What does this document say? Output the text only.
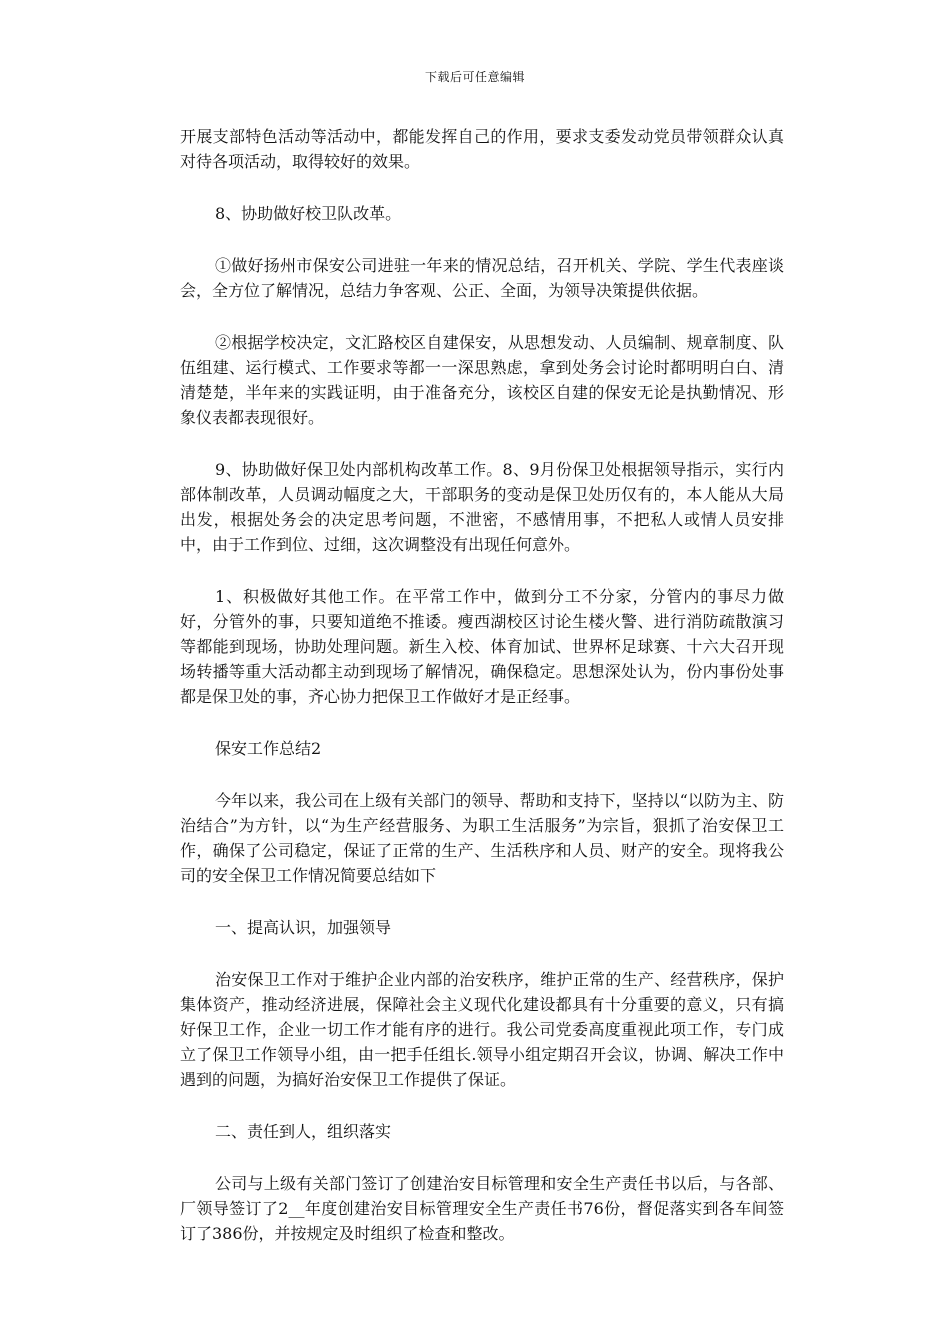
下载后可任意编辑

开展支部特色活动等活动中，都能发挥自己的作用，要求支委发动党员带领群众认真对待各项活动，取得较好的效果。

8、协助做好校卫队改革。

①做好扬州市保安公司进驻一年来的情况总结，召开机关、学院、学生代表座谈会，全方位了解情况，总结力争客观、公正、全面，为领导决策提供依据。

②根据学校决定，文汇路校区自建保安，从思想发动、人员编制、规章制度、队伍组建、运行模式、工作要求等都一一深思熟虑，拿到处务会讨论时都明明白白、清清楚楚，半年来的实践证明，由于准备充分，该校区自建的保安无论是执勤情况、形象仪表都表现很好。

9、协助做好保卫处内部机构改革工作。8、9月份保卫处根据领导指示，实行内部体制改革，人员调动幅度之大，干部职务的变动是保卫处历仅有的，本人能从大局出发，根据处务会的决定思考问题，不泄密，不感情用事，不把私人或情人员安排中，由于工作到位、过细，这次调整没有出现任何意外。

1、积极做好其他工作。在平常工作中，做到分工不分家，分管内的事尽力做好，分管外的事，只要知道绝不推诿。瘦西湖校区讨论生楼火警、进行消防疏散演习等都能到现场，协助处理问题。新生入校、体育加试、世界杯足球赛、十六大召开现场转播等重大活动都主动到现场了解情况，确保稳定。思想深处认为，份内事份处事都是保卫处的事，齐心协力把保卫工作做好才是正经事。

保安工作总结2

今年以来，我公司在上级有关部门的领导、帮助和支持下，坚持以“以防为主、防治结合”为方针，以“为生产经营服务、为职工生活服务”为宗旨，狠抓了治安保卫工作，确保了公司稳定，保证了正常的生产、生活秩序和人员、财产的安全。现将我公司的安全保卫工作情况简要总结如下

一、提高认识，加强领导

治安保卫工作对于维护企业内部的治安秩序，维护正常的生产、经营秩序，保护集体资产，推动经济进展，保障社会主义现代化建设都具有十分重要的意义，只有搞好保卫工作，企业一切工作才能有序的进行。我公司党委高度重视此项工作，专门成立了保卫工作领导小组，由一把手任组长.领导小组定期召开会议，协调、解决工作中遇到的问题，为搞好治安保卫工作提供了保证。

二、责任到人，组织落实

公司与上级有关部门签订了创建治安目标管理和安全生产责任书以后，与各部、厂领导签订了2__年度创建治安目标管理安全生产责任书76份，督促落实到各车间签订了386份，并按规定及时组织了检查和整改。
